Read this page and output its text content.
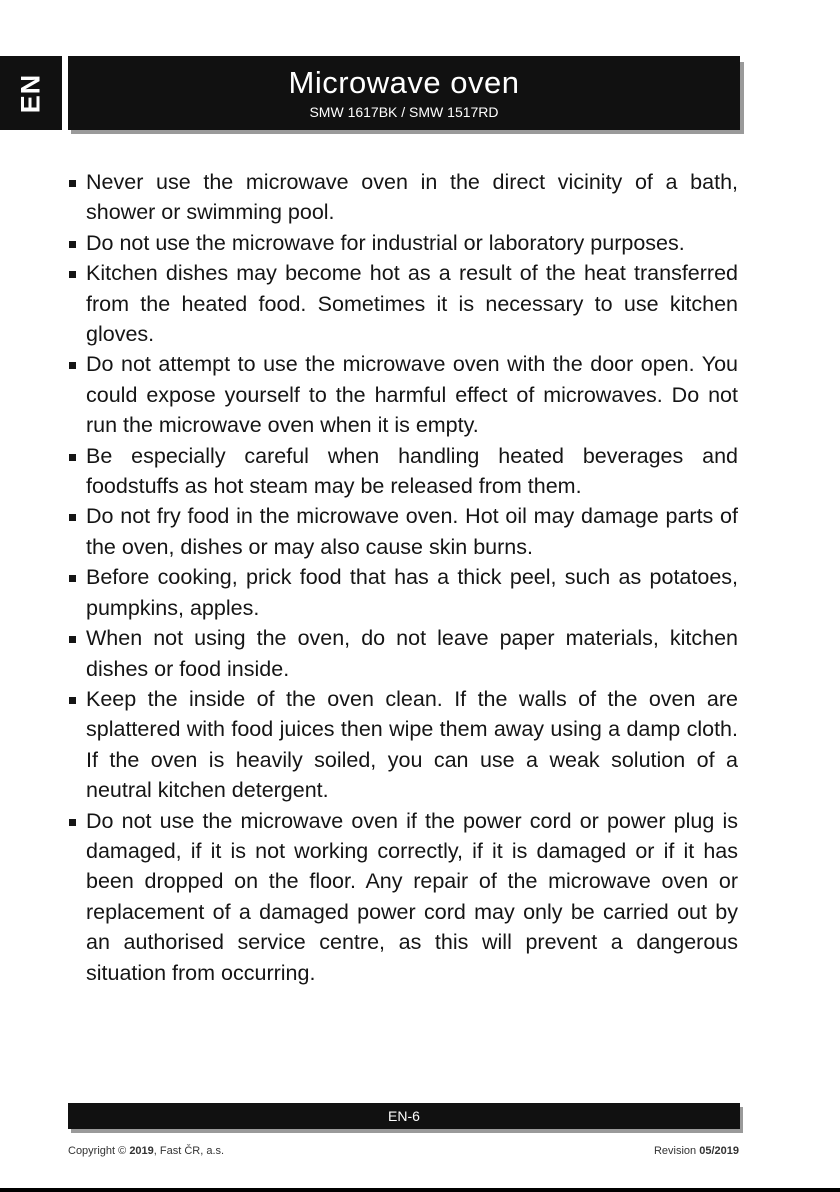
EN	Microwave oven
SMW 1617BK / SMW 1517RD
Never use the microwave oven in the direct vicinity of a bath, shower or swimming pool.
Do not use the microwave for industrial or laboratory purposes.
Kitchen dishes may become hot as a result of the heat transferred from the heated food. Sometimes it is necessary to use kitchen gloves.
Do not attempt to use the microwave oven with the door open. You could expose yourself to the harmful effect of microwaves. Do not run the microwave oven when it is empty.
Be especially careful when handling heated beverages and foodstuffs as hot steam may be released from them.
Do not fry food in the microwave oven. Hot oil may damage parts of the oven, dishes or may also cause skin burns.
Before cooking, prick food that has a thick peel, such as potatoes, pumpkins, apples.
When not using the oven, do not leave paper materials, kitchen dishes or food inside.
Keep the inside of the oven clean. If the walls of the oven are splattered with food juices then wipe them away using a damp cloth. If the oven is heavily soiled, you can use a weak solution of a neutral kitchen detergent.
Do not use the microwave oven if the power cord or power plug is damaged, if it is not working correctly, if it is damaged or if it has been dropped on the floor. Any repair of the microwave oven or replacement of a damaged power cord may only be carried out by an authorised service centre, as this will prevent a dangerous situation from occurring.
EN-6
Copyright © 2019, Fast ČR, a.s.	Revision 05/2019
